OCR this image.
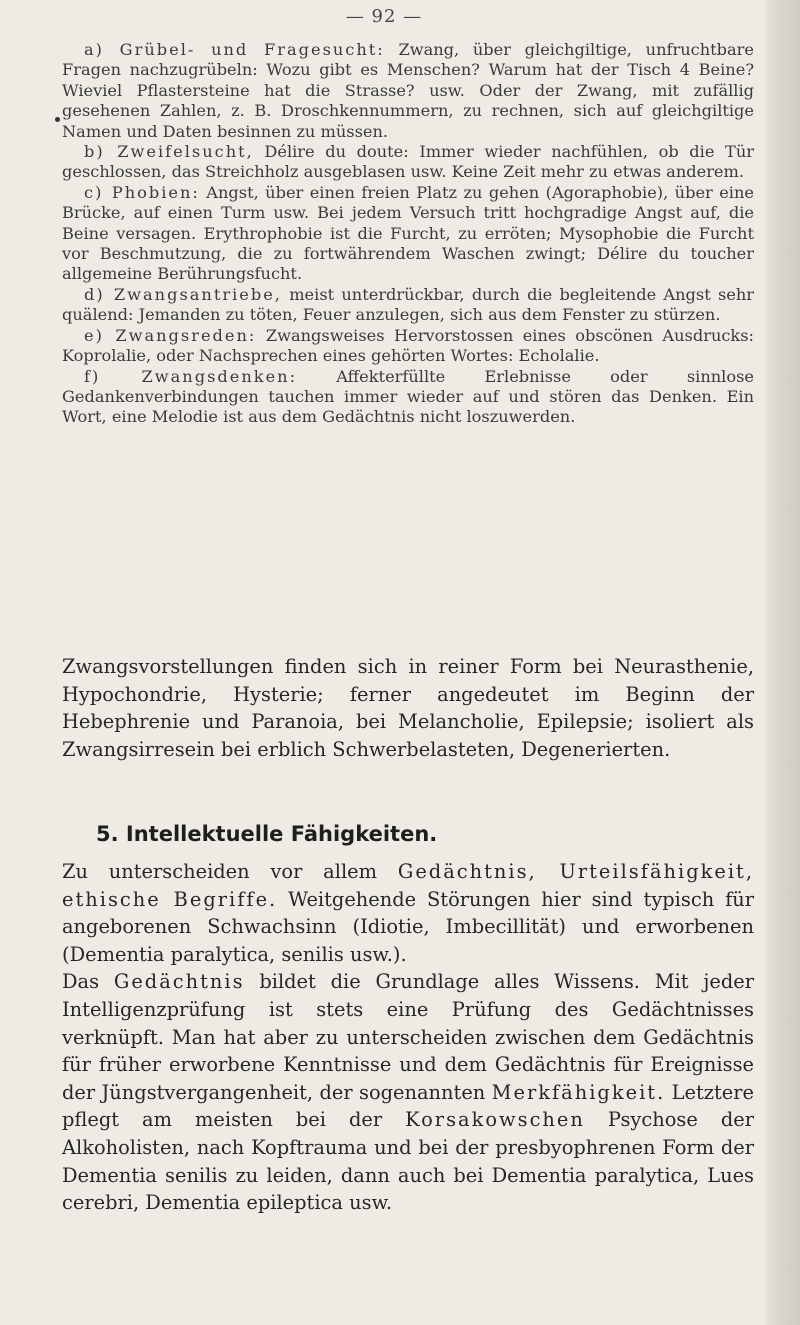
— 92 —

a) Grübel- und Fragesucht: Zwang, über gleichgiltige, unfruchtbare Fragen nachzugrübeln: Wozu gibt es Menschen? Warum hat der Tisch 4 Beine? Wieviel Pflastersteine hat die Strasse? usw. Oder der Zwang, mit zufällig gesehenen Zahlen, z. B. Droschkennummern, zu rechnen, sich auf gleichgiltige Namen und Daten besinnen zu müssen.

b) Zweifelsucht, Délire du doute: Immer wieder nachfühlen, ob die Tür geschlossen, das Streichholz ausgeblasen usw. Keine Zeit mehr zu etwas anderem.

c) Phobien: Angst, über einen freien Platz zu gehen (Agoraphobie), über eine Brücke, auf einen Turm usw. Bei jedem Versuch tritt hochgradige Angst auf, die Beine versagen. Erythrophobie ist die Furcht, zu erröten; Mysophobie die Furcht vor Beschmutzung, die zu fortwährendem Waschen zwingt; Délire du toucher allgemeine Berührungsfucht.

d) Zwangsantriebe, meist unterdrückbar, durch die begleitende Angst sehr quälend: Jemanden zu töten, Feuer anzulegen, sich aus dem Fenster zu stürzen.

e) Zwangsreden: Zwangsweises Hervorstossen eines obscönen Ausdrucks: Koprolalie, oder Nachsprechen eines gehörten Wortes: Echolalie.

f) Zwangsdenken: Affekterfüllte Erlebnisse oder sinnlose Gedankenverbindungen tauchen immer wieder auf und stören das Denken. Ein Wort, eine Melodie ist aus dem Gedächtnis nicht loszuwerden.

Zwangsvorstellungen finden sich in reiner Form bei Neurasthenie, Hypochondrie, Hysterie; ferner angedeutet im Beginn der Hebephrenie und Paranoia, bei Melancholie, Epilepsie; isoliert als Zwangsirresein bei erblich Schwerbelasteten, Degenerierten.

5. Intellektuelle Fähigkeiten.

Zu unterscheiden vor allem Gedächtnis, Urteilsfähigkeit, ethische Begriffe. Weitgehende Störungen hier sind typisch für angeborenen Schwachsinn (Idiotie, Imbecillität) und erworbenen (Dementia paralytica, senilis usw.).

Das Gedächtnis bildet die Grundlage alles Wissens. Mit jeder Intelligenzprüfung ist stets eine Prüfung des Gedächtnisses verknüpft. Man hat aber zu unterscheiden zwischen dem Gedächtnis für früher erworbene Kenntnisse und dem Gedächtnis für Ereignisse der Jüngstvergangenheit, der sogenannten Merkfähigkeit. Letztere pflegt am meisten bei der Korsakowschen Psychose der Alkoholisten, nach Kopftrauma und bei der presbyophrenen Form der Dementia senilis zu leiden, dann auch bei Dementia paralytica, Lues cerebri, Dementia epileptica usw.
